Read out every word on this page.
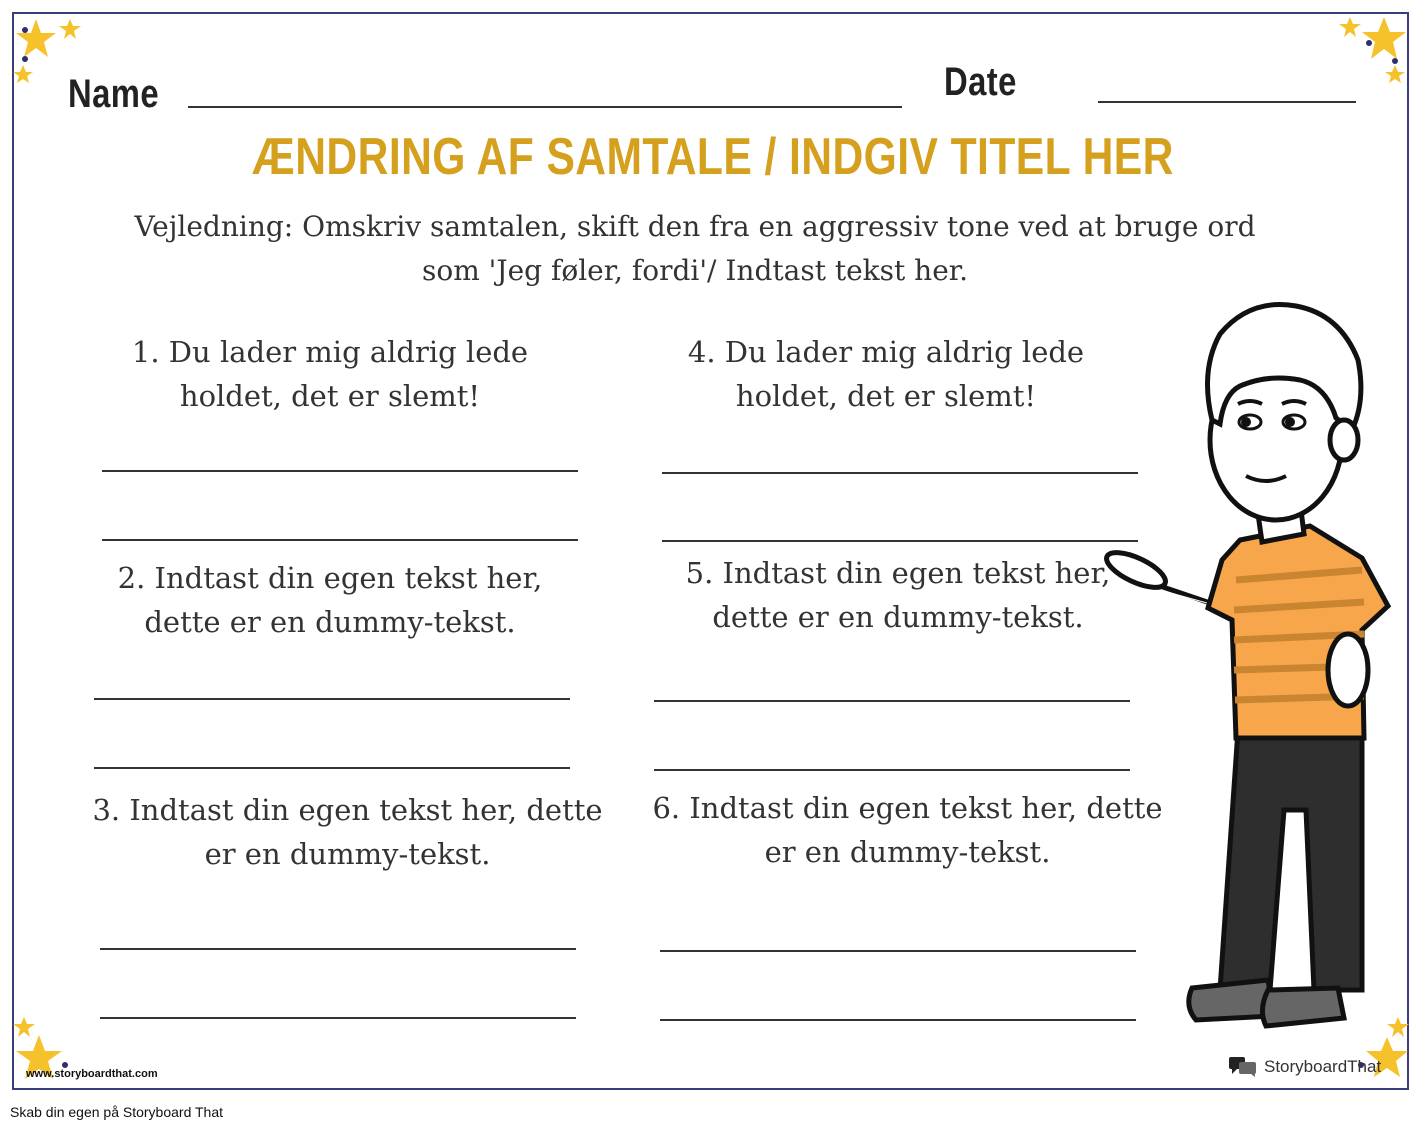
Name	Date
ÆNDRING AF SAMTALE / INDGIV TITEL HER
Vejledning: Omskriv samtalen, skift den fra en aggressiv tone ved at bruge ord
som 'Jeg føler, fordi'/ Indtast tekst her.
1. Du lader mig aldrig lede
holdet, det er slemt!
2. Indtast din egen tekst her,
dette er en dummy-tekst.
3. Indtast din egen tekst her, dette
er en dummy-tekst.
4. Du lader mig aldrig lede
holdet, det er slemt!
5. Indtast din egen tekst her,
dette er en dummy-tekst.
6. Indtast din egen tekst her, dette
er en dummy-tekst.
www.storyboardthat.com	StoryboardThat
Skab din egen på Storyboard That
